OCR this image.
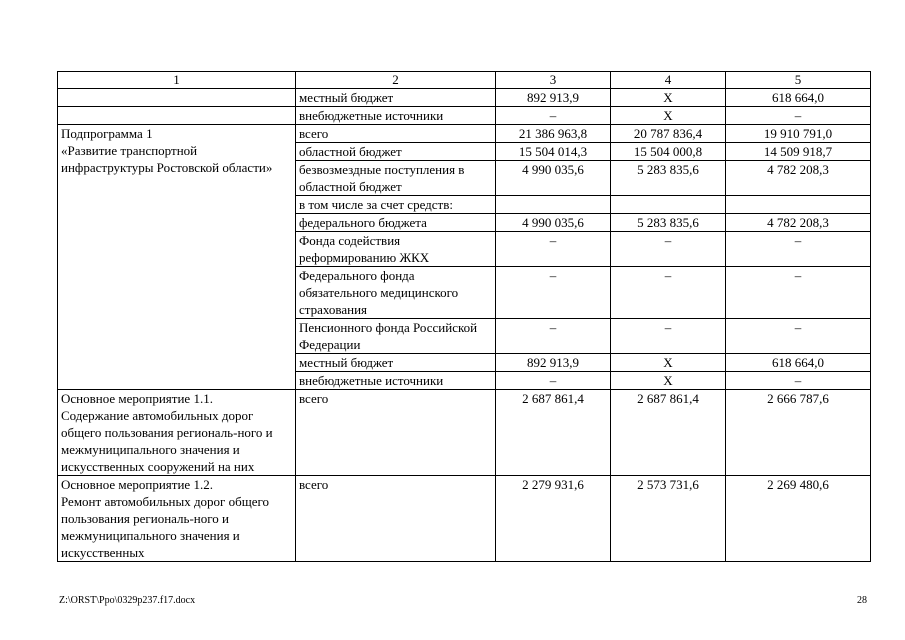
1	2	3	4	5
	местный бюджет	892 913,9	Х	618 664,0
	внебюджетные источники	–	Х	–
Подпрограмма 1
«Развитие транспортной инфраструктуры Ростовской области»	всего	21 386 963,8	20 787 836,4	19 910 791,0
	областной бюджет	15 504 014,3	15 504 000,8	14 509 918,7
	безвозмездные поступления в областной бюджет	4 990 035,6	5 283 835,6	4 782 208,3
	в том числе за счет средств:			
	федерального бюджета	4 990 035,6	5 283 835,6	4 782 208,3
	Фонда содействия реформированию ЖКХ	–	–	–
	Федерального фонда обязательного медицинского страхования	–	–	–
	Пенсионного фонда Российской Федерации	–	–	–
	местный бюджет	892 913,9	Х	618 664,0
	внебюджетные источники	–	Х	–
Основное мероприятие 1.1.
Содержание автомобильных дорог общего пользования региональ-ного и межмуниципального значения и искусственных сооружений на них	всего	2 687 861,4	2 687 861,4	2 666 787,6
Основное мероприятие 1.2.
Ремонт автомобильных дорог общего пользования региональ-ного и межмуниципального значения и искусственных	всего	2 279 931,6	2 573 731,6	2 269 480,6
Z:\ORST\Ppo\0329p237.f17.docx	28
